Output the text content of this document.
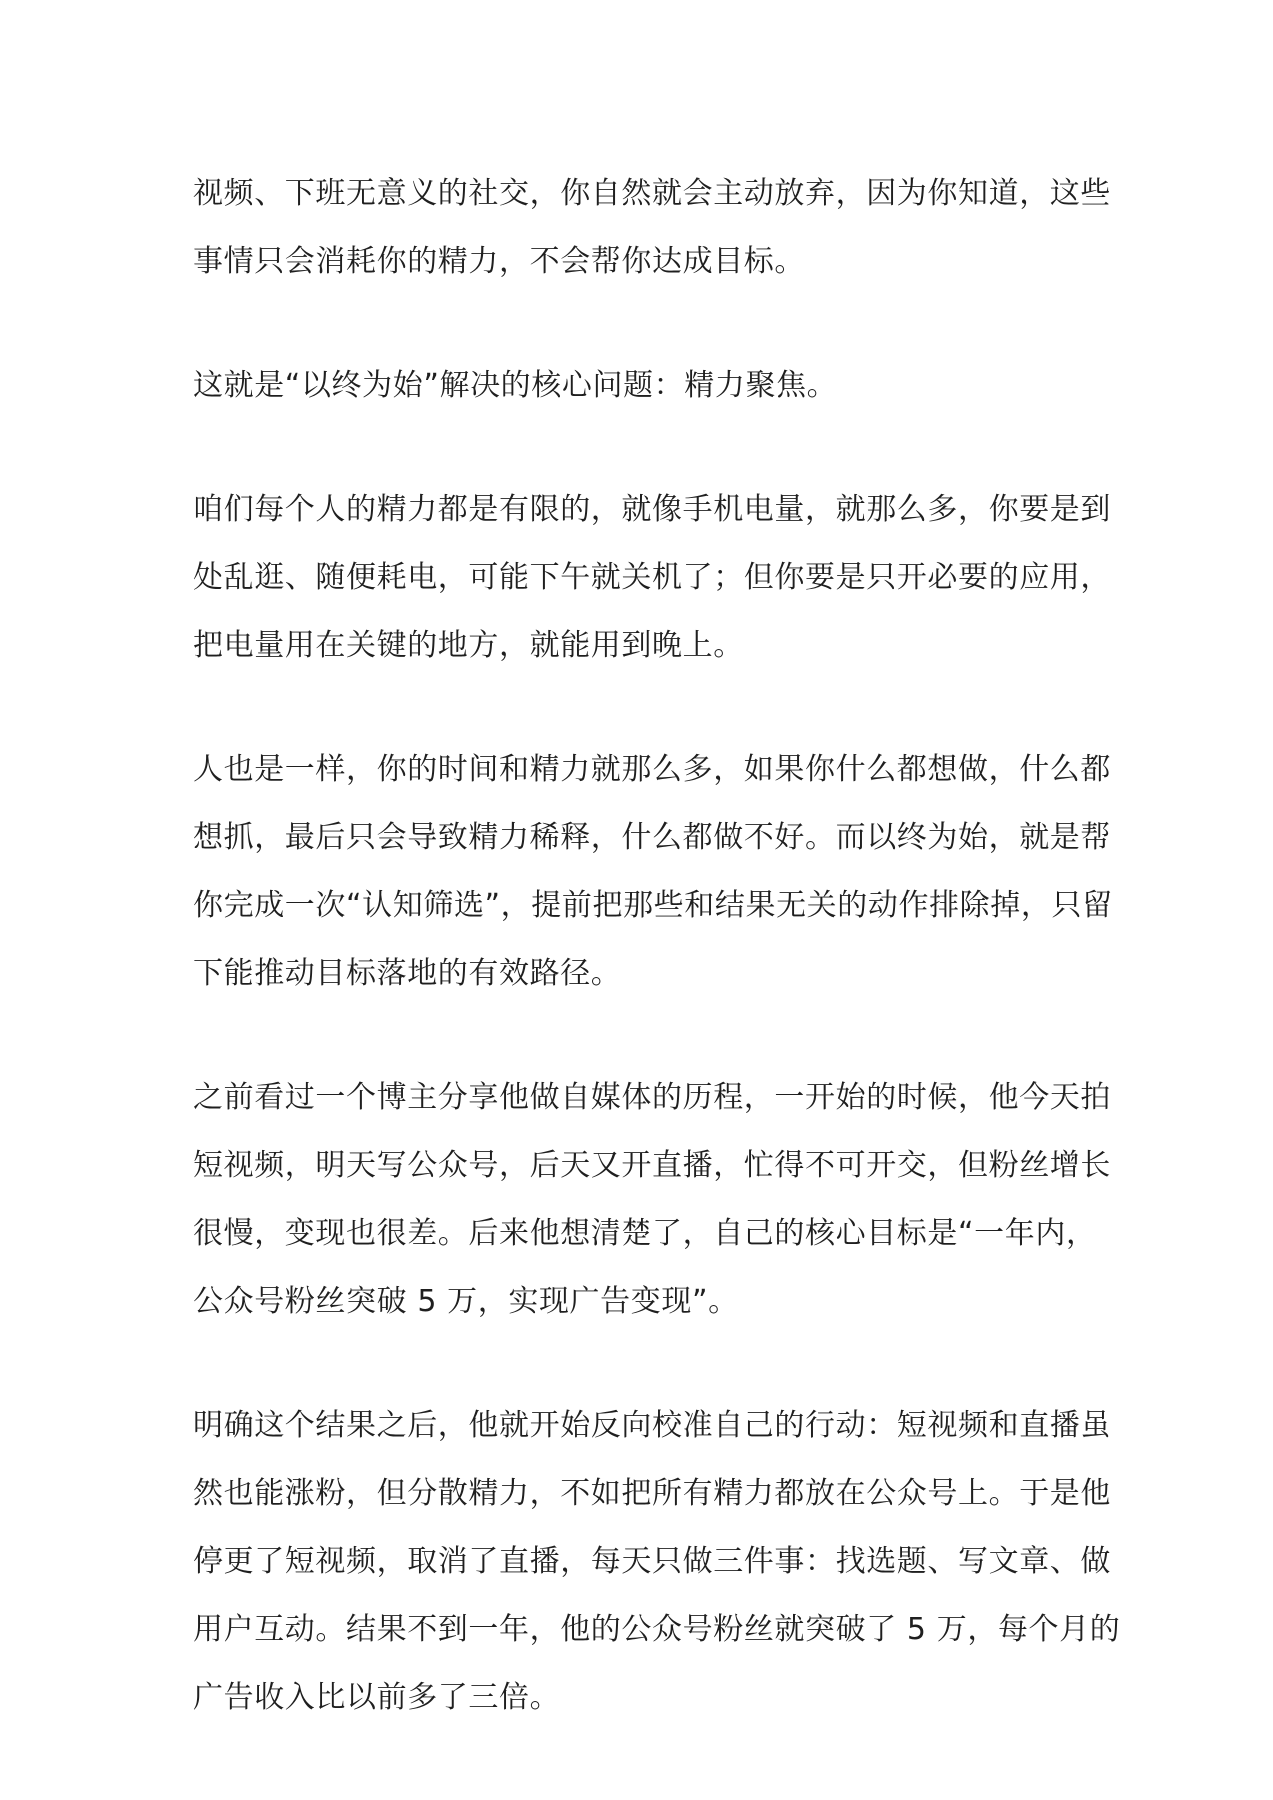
视频、下班无意义的社交，你自然就会主动放弃，因为你知道，这些
事情只会消耗你的精力，不会帮你达成目标。

这就是“以终为始”解决的核心问题：精力聚焦。

咱们每个人的精力都是有限的，就像手机电量，就那么多，你要是到
处乱逛、随便耗电，可能下午就关机了；但你要是只开必要的应用，
把电量用在关键的地方，就能用到晚上。

人也是一样，你的时间和精力就那么多，如果你什么都想做，什么都
想抓，最后只会导致精力稀释，什么都做不好。而以终为始，就是帮
你完成一次“认知筛选”，提前把那些和结果无关的动作排除掉，只留
下能推动目标落地的有效路径。

之前看过一个博主分享他做自媒体的历程，一开始的时候，他今天拍
短视频，明天写公众号，后天又开直播，忙得不可开交，但粉丝增长
很慢，变现也很差。后来他想清楚了，自己的核心目标是“一年内，
公众号粉丝突破 5 万，实现广告变现”。

明确这个结果之后，他就开始反向校准自己的行动：短视频和直播虽
然也能涨粉，但分散精力，不如把所有精力都放在公众号上。于是他
停更了短视频，取消了直播，每天只做三件事：找选题、写文章、做
用户互动。结果不到一年，他的公众号粉丝就突破了 5 万，每个月的
广告收入比以前多了三倍。
